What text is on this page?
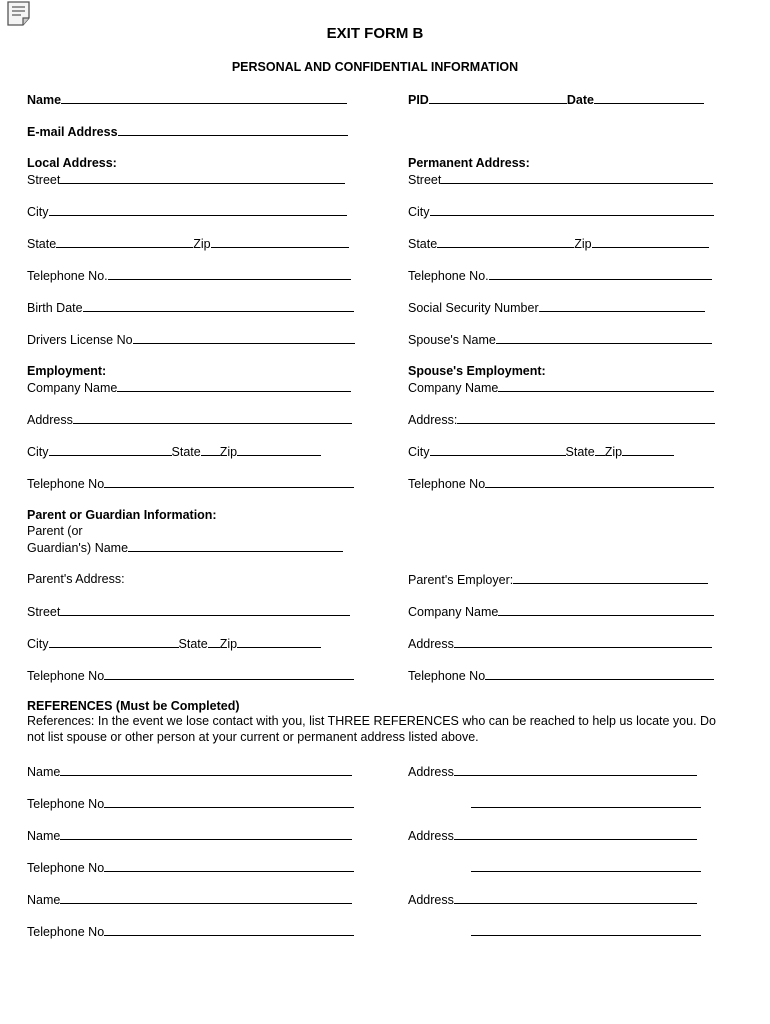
EXIT FORM B
PERSONAL AND CONFIDENTIAL INFORMATION
Name	PID	Date
E-mail Address
Local Address:	Permanent Address:
Street	Street
City	City
State	Zip	State	Zip
Telephone No.	Telephone No.
Birth Date	Social Security Number
Drivers License No	Spouse's Name
Employment:	Spouse's Employment:
Company Name	Company Name
Address	Address:
City	State Zip	City	State Zip
Telephone No	Telephone No
Parent or Guardian Information:
Parent (or
Guardian's) Name
Parent's Address:	Parent's Employer:
Street	Company Name
City	State Zip	Address
Telephone No	Telephone No
REFERENCES (Must be Completed)
References: In the event we lose contact with you, list THREE REFERENCES who can be reached to help us locate you. Do not list spouse or other person at your current or permanent address listed above.
Name	Address
Telephone No
Name	Address
Telephone No
Name	Address
Telephone No
